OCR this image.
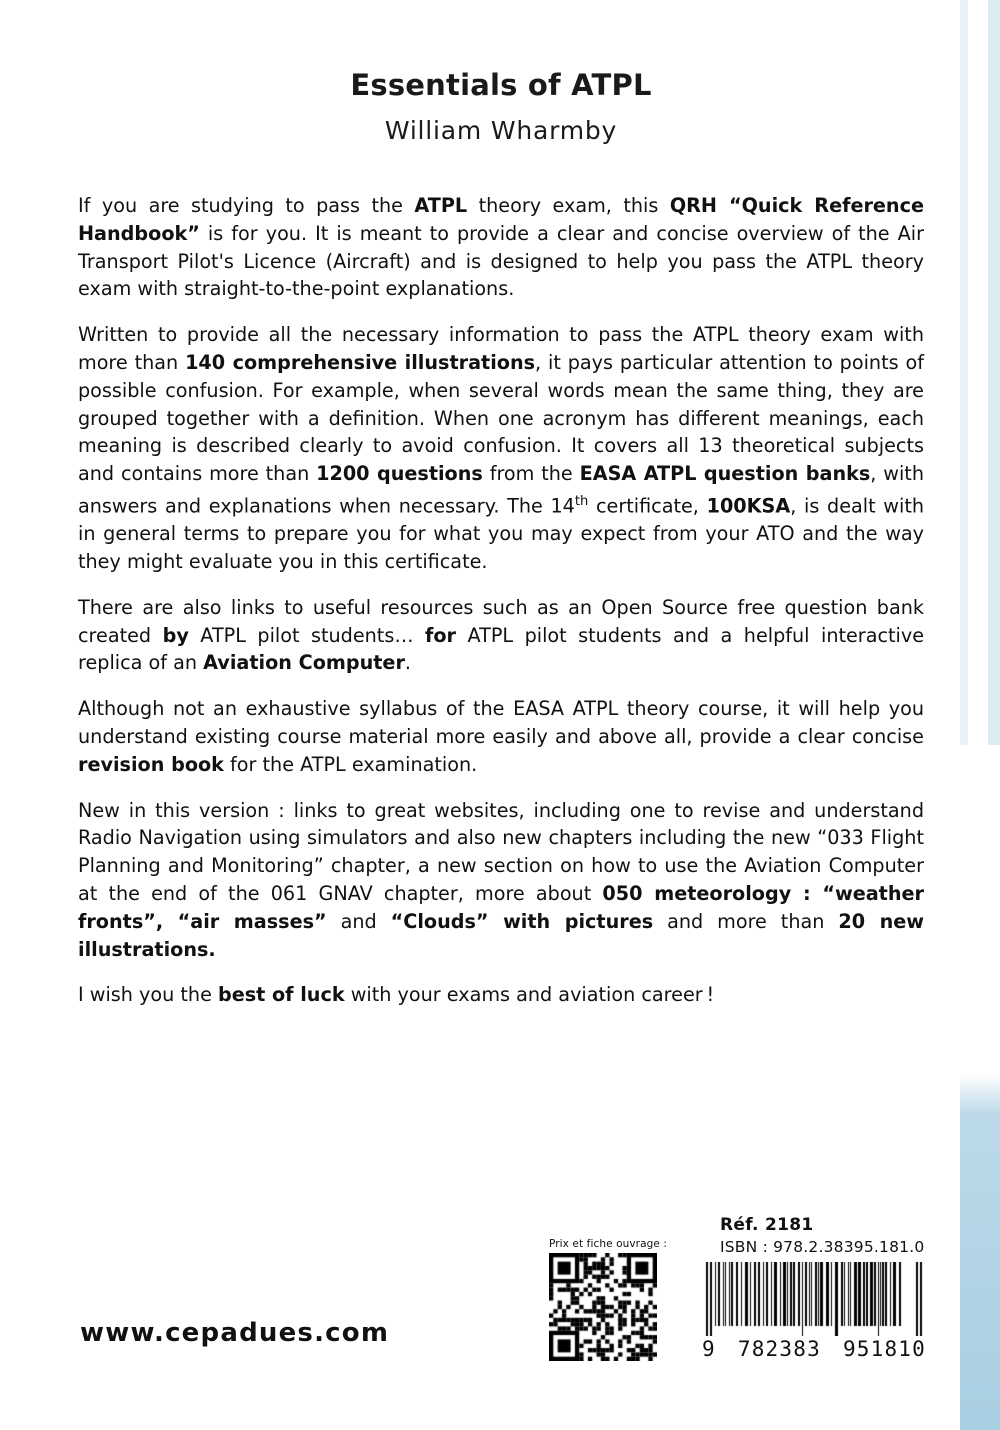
Essentials of ATPL
William Wharmby

If you are studying to pass the ATPL theory exam, this QRH “Quick Reference Handbook” is for you. It is meant to provide a clear and concise overview of the Air Transport Pilot's Licence (Aircraft) and is designed to help you pass the ATPL theory exam with straight-to-the-point explanations.

Written to provide all the necessary information to pass the ATPL theory exam with more than 140 comprehensive illustrations, it pays particular attention to points of possible confusion. For example, when several words mean the same thing, they are grouped together with a definition. When one acronym has different meanings, each meaning is described clearly to avoid confusion. It covers all 13 theoretical subjects and contains more than 1200 questions from the EASA ATPL question banks, with answers and explanations when necessary. The 14th certificate, 100KSA, is dealt with in general terms to prepare you for what you may expect from your ATO and the way they might evaluate you in this certificate.

There are also links to useful resources such as an Open Source free question bank created by ATPL pilot students… for ATPL pilot students and a helpful interactive replica of an Aviation Computer.

Although not an exhaustive syllabus of the EASA ATPL theory course, it will help you understand existing course material more easily and above all, provide a clear concise revision book for the ATPL examination.

New in this version : links to great websites, including one to revise and understand Radio Navigation using simulators and also new chapters including the new “033 Flight Planning and Monitoring” chapter, a new section on how to use the Aviation Computer at the end of the 061 GNAV chapter, more about 050 meteorology : “weather fronts”, “air masses” and “Clouds” with pictures and more than 20 new illustrations.

I wish you the best of luck with your exams and aviation career !

www.cepadues.com
Prix et fiche ouvrage :
Réf. 2181
ISBN : 978.2.38395.181.0
9 782383 951810
